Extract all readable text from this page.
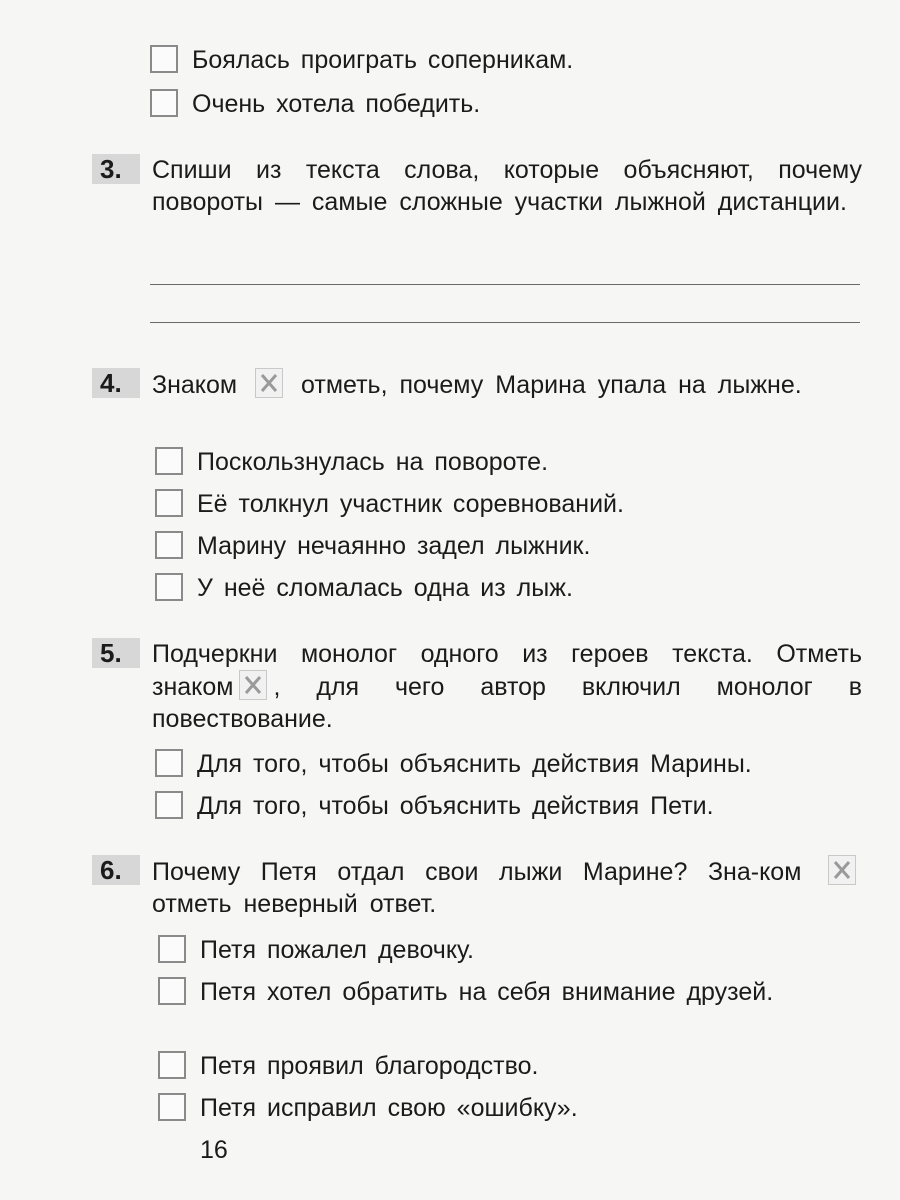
Боялась проиграть соперникам.
Очень хотела победить.
3.	Спиши из текста слова, которые объясняют, почему повороты — самые сложные участки лыжной дистанции.
4.	Знаком	отметь, почему Марина упала на лыжне.
Поскользнулась на повороте.
Её толкнул участник соревнований.
Марину нечаянно задел лыжник.
У неё сломалась одна из лыж.
5.	Подчеркни монолог одного из героев текста. Отметь знаком , для чего автор включил монолог в повествование.
Для того, чтобы объяснить действия Марины.
Для того, чтобы объяснить действия Пети.
6.	Почему Петя отдал свои лыжи Марине? Зна-ком
отметь неверный ответ.
Петя пожалел девочку.
Петя хотел обратить на себя внимание друзей.
Петя проявил благородство.
Петя исправил свою «ошибку».
16
